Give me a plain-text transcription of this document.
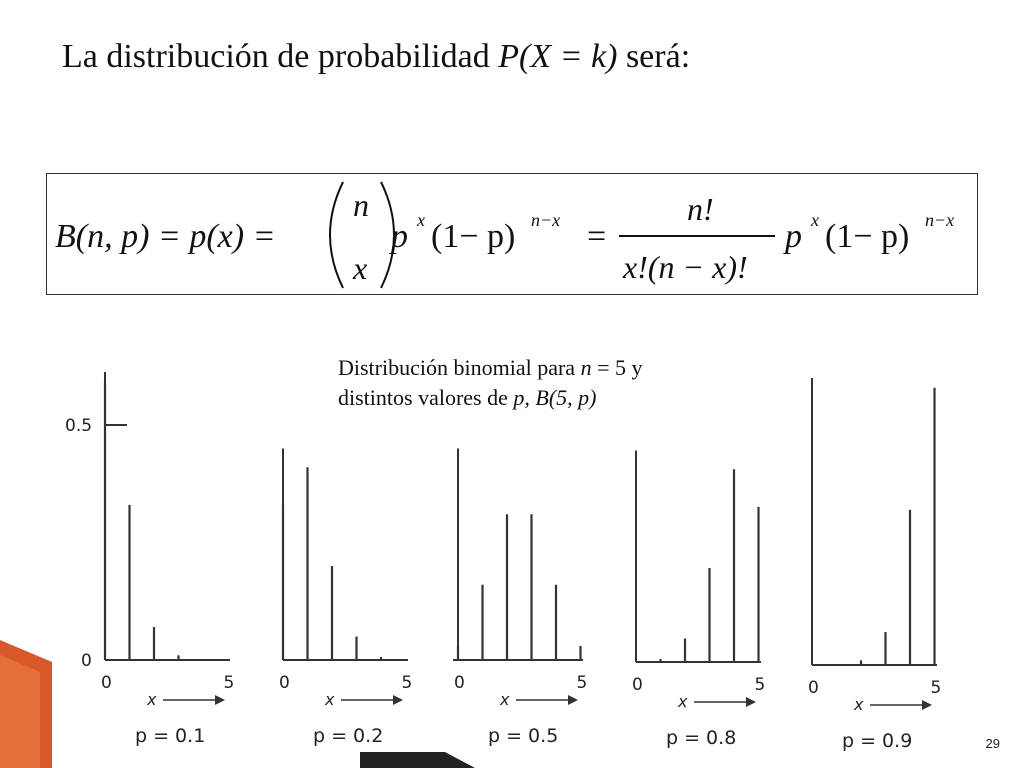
La distribución de probabilidad P(X = k) será:
B(n, p) = p(x) =
n
x
p x (1− p) n−x =
n!
x!(n − x)!
p x (1− p) n−x
Distribución binomial para n = 5 y
distintos valores de p, B(5, p)
0	5
x
p = 0.1
0
0.5
0	5
x
p = 0.2
0	5
x
p = 0.5
0	5
x
p = 0.8
0	5
x
p = 0.9	29
